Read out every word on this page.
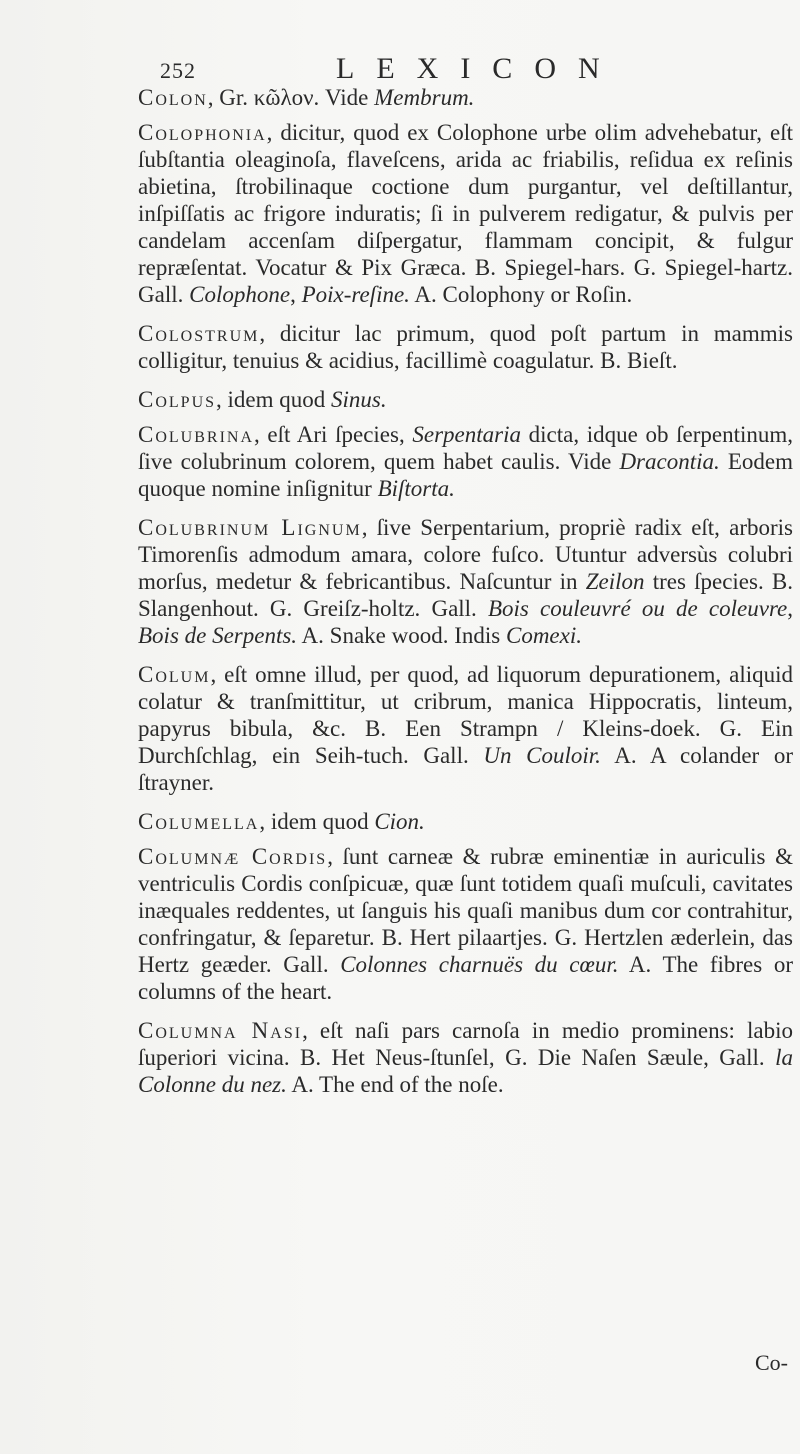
252	LEXICON

Colon, Gr. κῶλον. Vide Membrum.

Colophonia, dicitur, quod ex Colophone urbe olim advehebatur, eſt ſubſtantia oleaginoſa, flaveſcens, arida ac friabilis, reſidua ex reſinis abietina, ſtrobilinaque coctione dum purgantur, vel deſtillantur, inſpiſſatis ac frigore induratis; ſi in pulverem redigatur, & pulvis per candelam accenſam diſpergatur, flammam concipit, & fulgur repræſentat. Vocatur & Pix Græca. B. Spiegel-hars. G. Spiegel-hartz. Gall. Colophone, Poix-reſine. A. Colophony or Roſin.

Colostrum, dicitur lac primum, quod poſt partum in mammis colligitur, tenuius & acidius, facillimè coagulatur. B. Bieſt.

Colpus, idem quod Sinus.

Colubrina, eſt Ari ſpecies, Serpentaria dicta, idque ob ſerpentinum, ſive colubrinum colorem, quem habet caulis. Vide Dracontia. Eodem quoque nomine inſignitur Biſtorta.

Colubrinum Lignum, ſive Serpentarium, propriè radix eſt, arboris Timorenſis admodum amara, colore fuſco. Utuntur adversùs colubri morſus, medetur & febricantibus. Naſcuntur in Zeilon tres ſpecies. B. Slangenhout. G. Greiſz-holtz. Gall. Bois couleuvré ou de coleuvre, Bois de Serpents. A. Snake wood. Indis Comexi.

Colum, eſt omne illud, per quod, ad liquorum depurationem, aliquid colatur & tranſmittitur, ut cribrum, manica Hippocratis, linteum, papyrus bibula, &c. B. Een Strampn / Kleins-doek. G. Ein Durchſchlag, ein Seih-tuch. Gall. Un Couloir. A. A colander or ſtrayner.

Columella, idem quod Cion.

Columnæ Cordis, ſunt carneæ & rubræ eminentiæ in auriculis & ventriculis Cordis conſpicuæ, quæ ſunt totidem quaſi muſculi, cavitates inæquales reddentes, ut ſanguis his quaſi manibus dum cor contrahitur, confringatur, & ſeparetur. B. Hert pilaartjes. G. Hertzlen æderlein, das Hertz geæder. Gall. Colonnes charnuës du cœur. A. The fibres or columns of the heart.

Columna Nasi, eſt naſi pars carnoſa in medio prominens: labio ſuperiori vicina. B. Het Neus-ſtunſel, G. Die Naſen Sæule, Gall. la Colonne du nez. A. The end of the noſe.

Co-
